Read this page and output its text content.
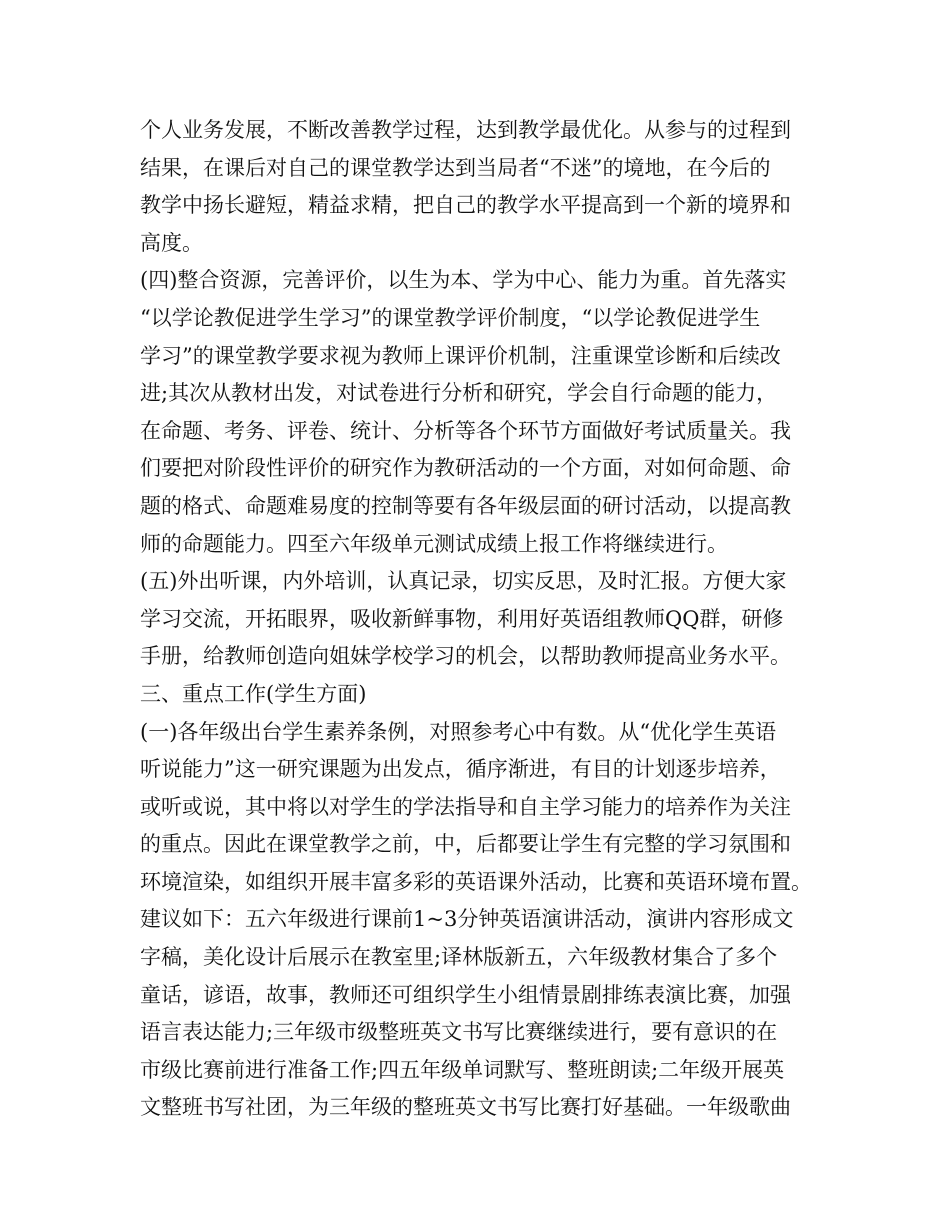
个人业务发展，不断改善教学过程，达到教学最优化。从参与的过程到
结果，在课后对自己的课堂教学达到当局者“不迷”的境地，在今后的
教学中扬长避短，精益求精，把自己的教学水平提高到一个新的境界和
高度。
(四)整合资源，完善评价，以生为本、学为中心、能力为重。首先落实
“以学论教促进学生学习”的课堂教学评价制度，“以学论教促进学生
学习”的课堂教学要求视为教师上课评价机制，注重课堂诊断和后续改
进;其次从教材出发，对试卷进行分析和研究，学会自行命题的能力，
在命题、考务、评卷、统计、分析等各个环节方面做好考试质量关。我
们要把对阶段性评价的研究作为教研活动的一个方面，对如何命题、命
题的格式、命题难易度的控制等要有各年级层面的研讨活动，以提高教
师的命题能力。四至六年级单元测试成绩上报工作将继续进行。
(五)外出听课，内外培训，认真记录，切实反思，及时汇报。方便大家
学习交流，开拓眼界，吸收新鲜事物，利用好英语组教师QQ群，研修
手册，给教师创造向姐妹学校学习的机会，以帮助教师提高业务水平。
三、重点工作(学生方面)
(一)各年级出台学生素养条例，对照参考心中有数。从“优化学生英语
听说能力”这一研究课题为出发点，循序渐进，有目的计划逐步培养，
或听或说，其中将以对学生的学法指导和自主学习能力的培养作为关注
的重点。因此在课堂教学之前，中，后都要让学生有完整的学习氛围和
环境渲染，如组织开展丰富多彩的英语课外活动，比赛和英语环境布置。
建议如下：五六年级进行课前1~3分钟英语演讲活动，演讲内容形成文
字稿，美化设计后展示在教室里;译林版新五，六年级教材集合了多个
童话，谚语，故事，教师还可组织学生小组情景剧排练表演比赛，加强
语言表达能力;三年级市级整班英文书写比赛继续进行，要有意识的在
市级比赛前进行准备工作;四五年级单词默写、整班朗读;二年级开展英
文整班书写社团，为三年级的整班英文书写比赛打好基础。一年级歌曲
